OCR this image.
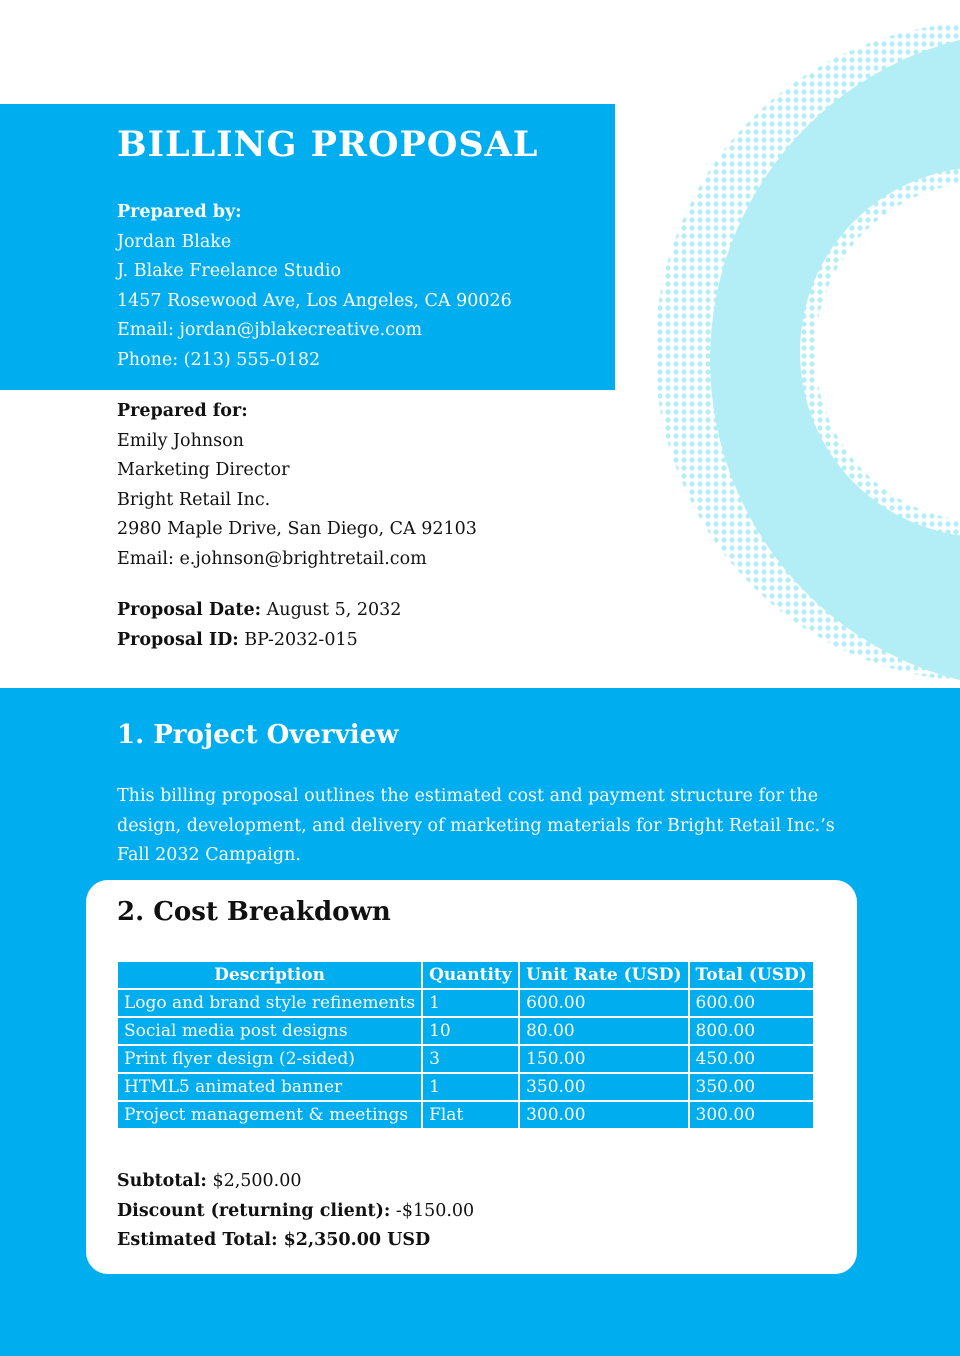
BILLING PROPOSAL
Prepared by:
Jordan Blake
J. Blake Freelance Studio
1457 Rosewood Ave, Los Angeles, CA 90026
Email: jordan@jblakecreative.com
Phone: (213) 555-0182
Prepared for:
Emily Johnson
Marketing Director
Bright Retail Inc.
2980 Maple Drive, San Diego, CA 92103
Email: e.johnson@brightretail.com
Proposal Date: August 5, 2032
Proposal ID: BP-2032-015
1. Project Overview

This billing proposal outlines the estimated cost and payment structure for the design, development, and delivery of marketing materials for Bright Retail Inc.’s Fall 2032 Campaign.

2. Cost Breakdown
Description	Quantity	Unit Rate (USD)	Total (USD)
Logo and brand style refinements	1	600.00	600.00
Social media post designs	10	80.00	800.00
Print flyer design (2-sided)	3	150.00	450.00
HTML5 animated banner	1	350.00	350.00
Project management & meetings	Flat	300.00	300.00
Subtotal: $2,500.00
Discount (returning client): -$150.00
Estimated Total: $2,350.00 USD
